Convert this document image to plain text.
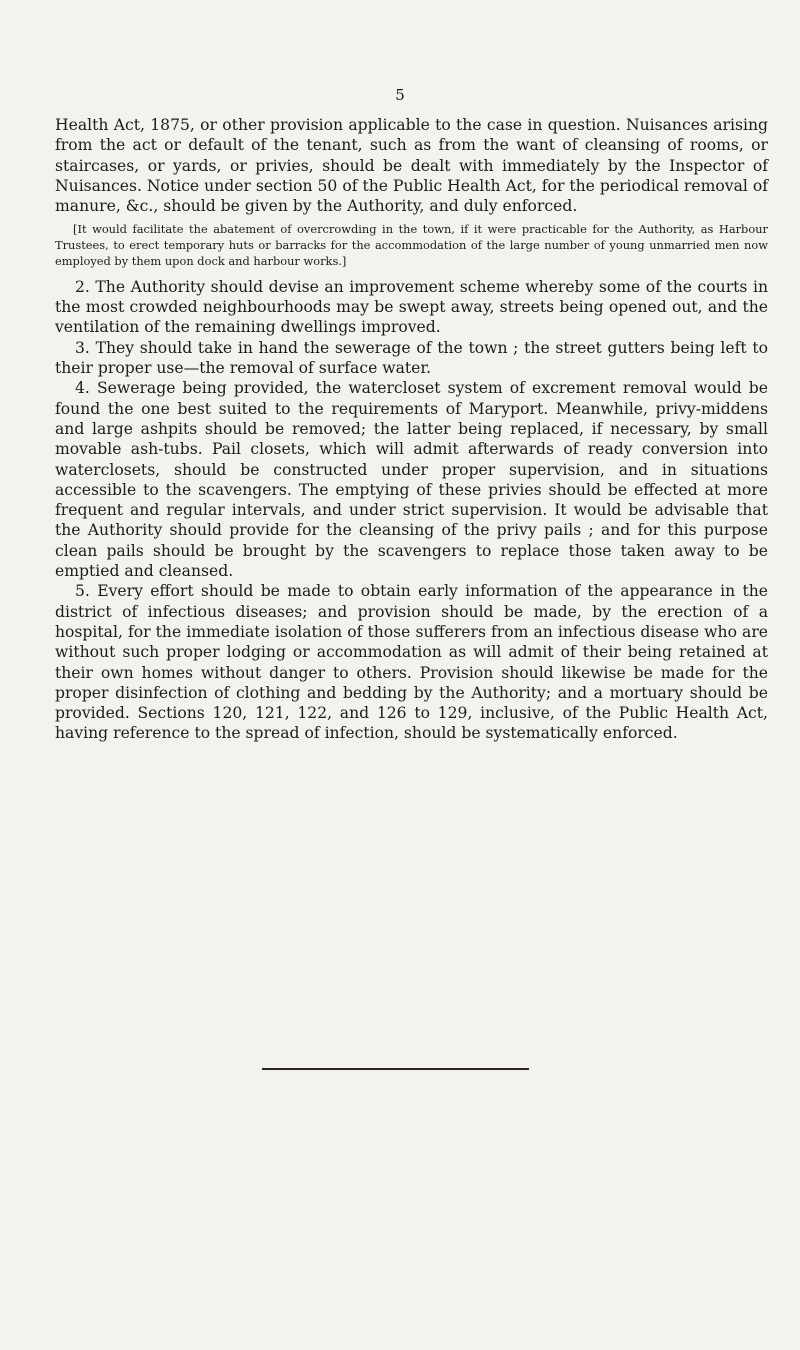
5

Health Act, 1875, or other provision applicable to the case in question. Nuisances arising from the act or default of the tenant, such as from the want of cleansing of rooms, or staircases, or yards, or privies, should be dealt with immediately by the Inspector of Nuisances. Notice under section 50 of the Public Health Act, for the periodical removal of manure, &c., should be given by the Authority, and duly enforced.

[It would facilitate the abatement of overcrowding in the town, if it were practicable for the Authority, as Harbour Trustees, to erect temporary huts or barracks for the accommodation of the large number of young unmarried men now employed by them upon dock and harbour works.]

2. The Authority should devise an improvement scheme whereby some of the courts in the most crowded neighbourhoods may be swept away, streets being opened out, and the ventilation of the remaining dwellings improved.

3. They should take in hand the sewerage of the town ; the street gutters being left to their proper use—the removal of surface water.

4. Sewerage being provided, the watercloset system of excrement removal would be found the one best suited to the requirements of Maryport. Meanwhile, privy-middens and large ashpits should be removed; the latter being replaced, if necessary, by small movable ash-tubs. Pail closets, which will admit afterwards of ready conversion into waterclosets, should be constructed under proper supervision, and in situations accessible to the scavengers. The emptying of these privies should be effected at more frequent and regular intervals, and under strict supervision. It would be advisable that the Authority should provide for the cleansing of the privy pails ; and for this purpose clean pails should be brought by the scavengers to replace those taken away to be emptied and cleansed.

5. Every effort should be made to obtain early information of the appearance in the district of infectious diseases; and provision should be made, by the erection of a hospital, for the immediate isolation of those sufferers from an infectious disease who are without such proper lodging or accommodation as will admit of their being retained at their own homes without danger to others. Provision should likewise be made for the proper disinfection of clothing and bedding by the Authority; and a mortuary should be provided. Sections 120, 121, 122, and 126 to 129, inclusive, of the Public Health Act, having reference to the spread of infection, should be systematically enforced.
